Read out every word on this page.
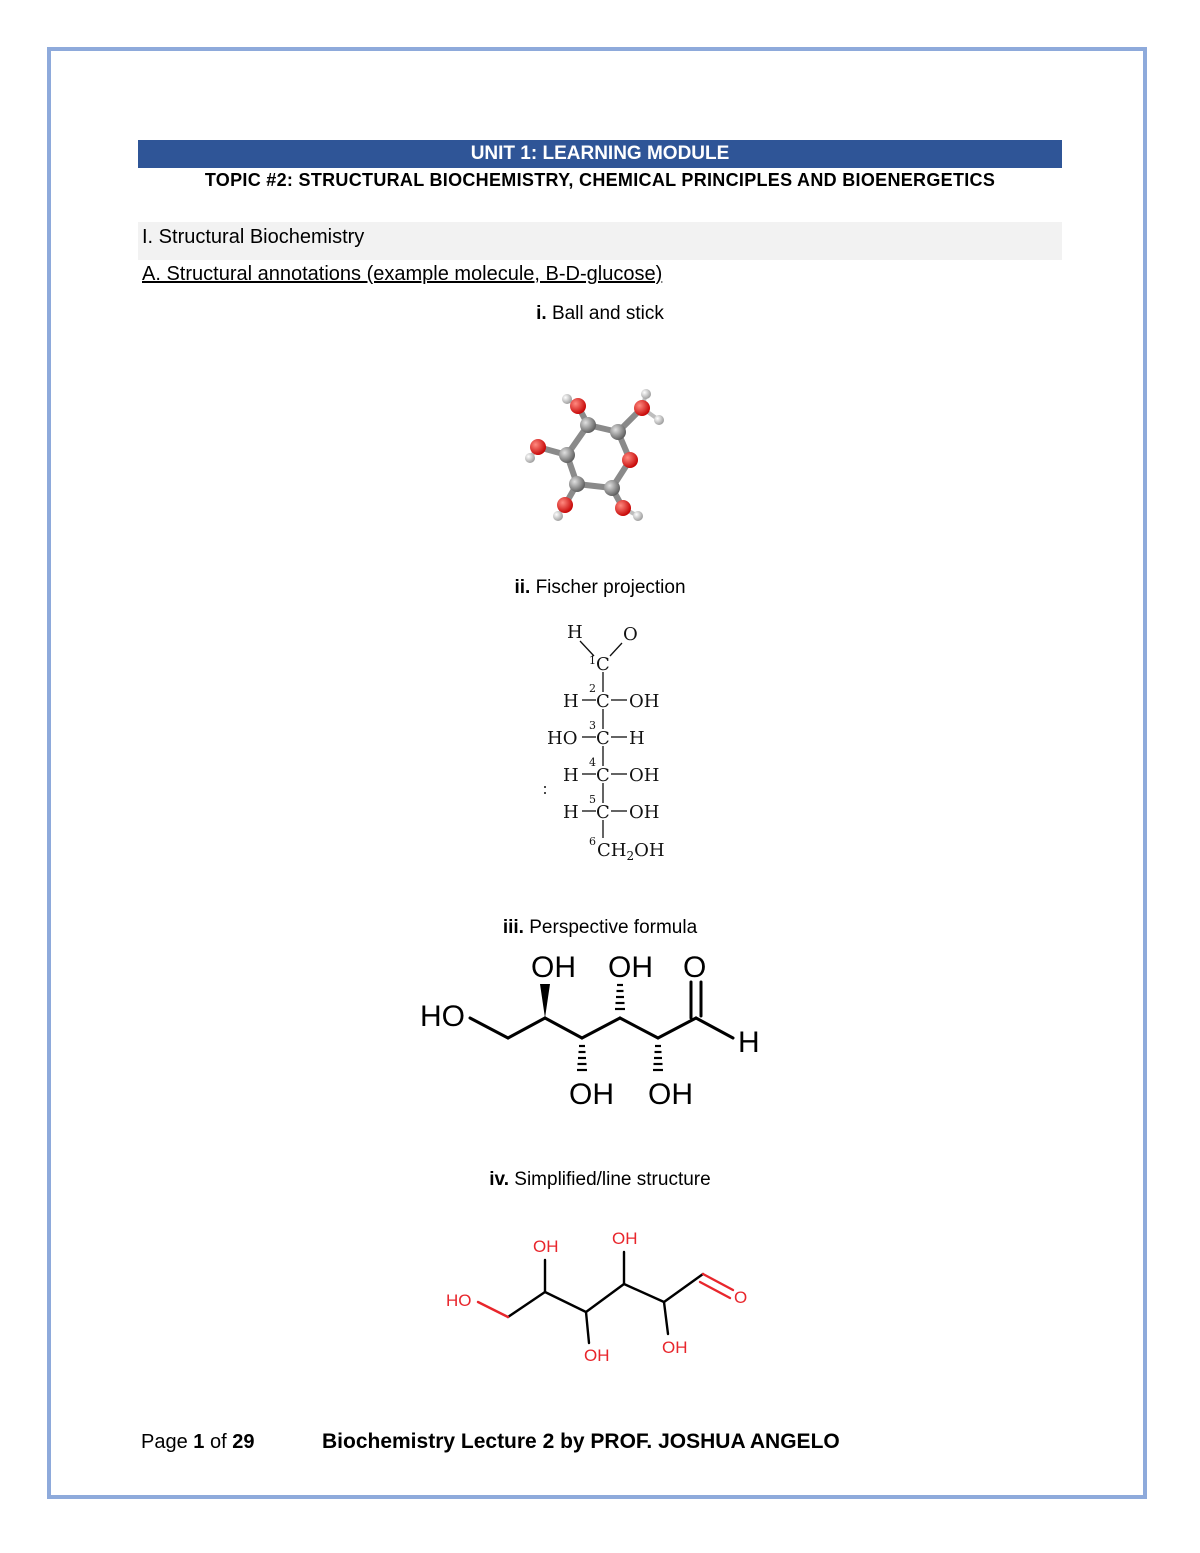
UNIT 1: LEARNING MODULE
TOPIC #2: STRUCTURAL BIOCHEMISTRY, CHEMICAL PRINCIPLES AND BIOENERGETICS
I. Structural Biochemistry
A. Structural annotations (example molecule, B-D-glucose)
i. Ball and stick
ii. Fischer projection
H O
1 C
2
H C OH
3
HO C H
4
H C OH
5
H C OH
6 $CH_2OH$
iii. Perspective formula
HO
OH OH O
H
OH OH
iv. Simplified/line structure
HO
OH	OH
O
OH	OH
Page 1 of 29	Biochemistry Lecture 2 by PROF. JOSHUA ANGELO
